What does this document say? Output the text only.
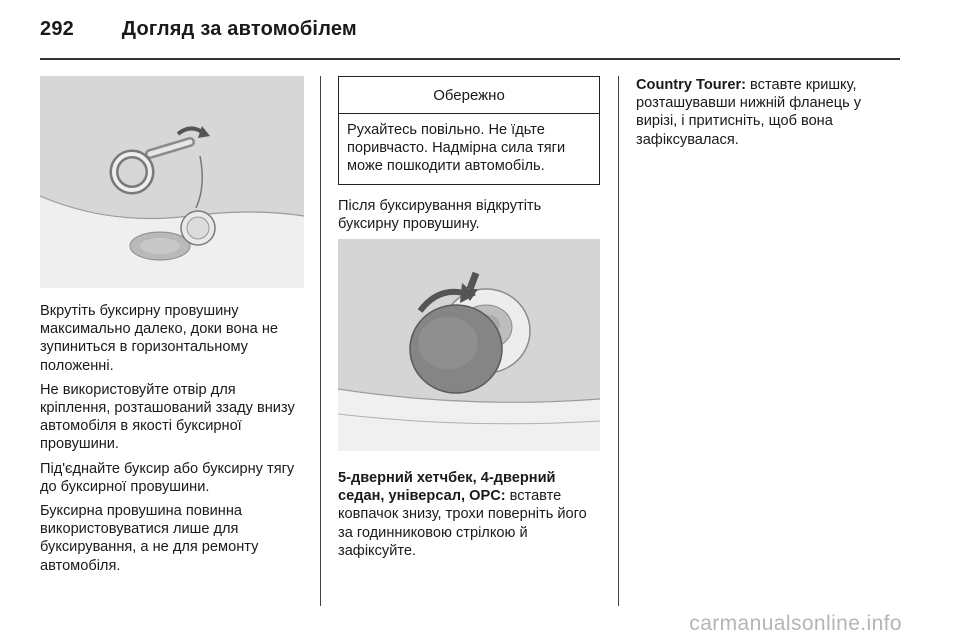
292 Догляд за автомобілем

Вкрутіть буксирну провушину максимально далеко, доки вона не зупиниться в горизонтальному положенні.

Не використовуйте отвір для кріплення, розташований ззаду внизу автомобіля в якості буксирної провушини.

Під'єднайте буксир або буксирну тягу до буксирної провушини.

Буксирна провушина повинна використовуватися лише для буксирування, а не для ремонту автомобіля.

Обережно
Рухайтесь повільно. Не їдьте поривчасто. Надмірна сила тяги може пошкодити автомобіль.

Після буксирування відкрутіть буксирну провушину.

5-дверний хетчбек, 4-дверний седан, універсал, OPC: вставте ковпачок знизу, трохи поверніть його за годинниковою стрілкою й зафіксуйте.

Country Tourer: вставте кришку, розташувавши нижній фланець у вирізі, і притисніть, щоб вона зафіксувалася.

carmanualsonline.info
